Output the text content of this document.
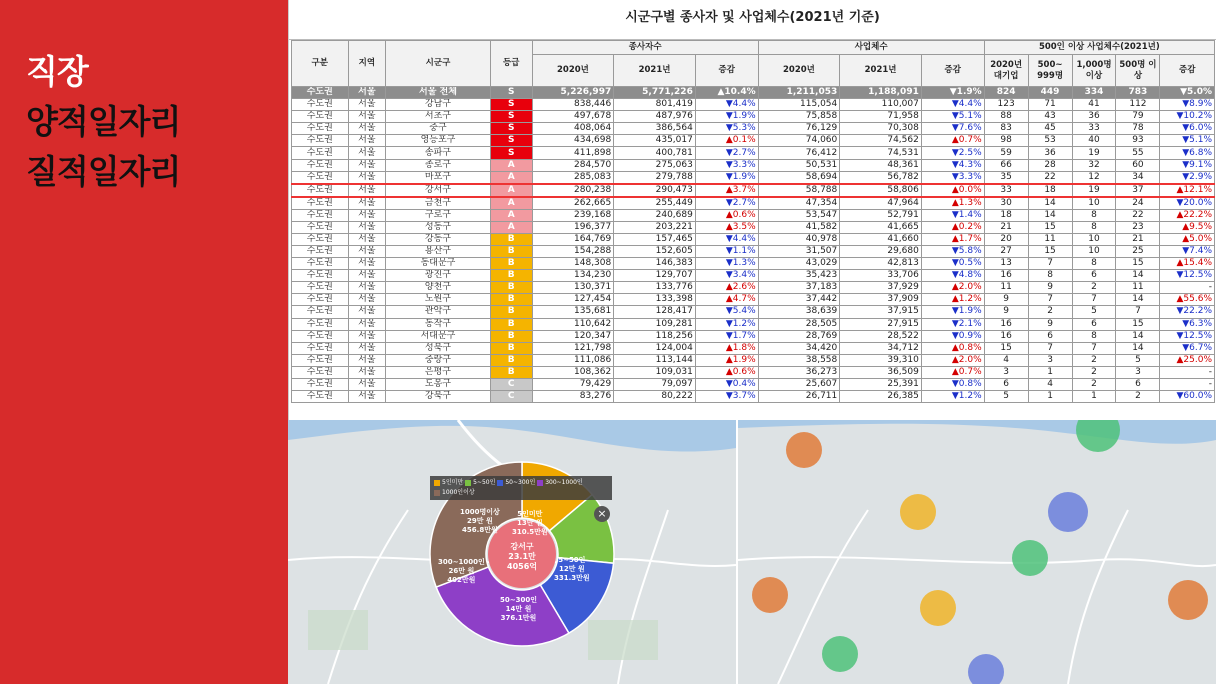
직장
양적일자리
질적일자리
시군구별 종사자 및 사업체수(2021년 기준)
구분	지역	시군구	등급	종사자수			사업체수			500인 이상 사업체수(2021년)				
				2020년	2021년	증감	2020년	2021년	증감	2020년 대기업	500~ 999명	1,000명 이상	500명 이상	증감
수도권	서울	서울 전체	S	5,226,997	5,771,226	▲10.4%	1,211,053	1,188,091	▼1.9%	824	449	334	783	▼5.0%
수도권	서울	강남구	S	838,446	801,419	▼4.4%	115,054	110,007	▼4.4%	123	71	41	112	▼8.9%
수도권	서울	서초구	S	497,678	487,976	▼1.9%	75,858	71,958	▼5.1%	88	43	36	79	▼10.2%
수도권	서울	중구	S	408,064	386,564	▼5.3%	76,129	70,308	▼7.6%	83	45	33	78	▼6.0%
수도권	서울	영등포구	S	434,698	435,017	▲0.1%	74,060	74,562	▲0.7%	98	53	40	93	▼5.1%
수도권	서울	송파구	S	411,898	400,781	▼2.7%	76,412	74,531	▼2.5%	59	36	19	55	▼6.8%
수도권	서울	종로구	A	284,570	275,063	▼3.3%	50,531	48,361	▼4.3%	66	28	32	60	▼9.1%
수도권	서울	마포구	A	285,083	279,788	▼1.9%	58,694	56,782	▼3.3%	35	22	12	34	▼2.9%
수도권	서울	강서구	A	280,238	290,473	▲3.7%	58,788	58,806	▲0.0%	33	18	19	37	▲12.1%
수도권	서울	금천구	A	262,665	255,449	▼2.7%	47,354	47,964	▲1.3%	30	14	10	24	▼20.0%
수도권	서울	구로구	A	239,168	240,689	▲0.6%	53,547	52,791	▼1.4%	18	14	8	22	▲22.2%
수도권	서울	성동구	A	196,377	203,221	▲3.5%	41,582	41,665	▲0.2%	21	15	8	23	▲9.5%
수도권	서울	강동구	B	164,769	157,465	▼4.4%	40,978	41,660	▲1.7%	20	11	10	21	▲5.0%
수도권	서울	용산구	B	154,288	152,605	▼1.1%	31,507	29,680	▼5.8%	27	15	10	25	▼7.4%
수도권	서울	동대문구	B	148,308	146,383	▼1.3%	43,029	42,813	▼0.5%	13	7	8	15	▲15.4%
수도권	서울	광진구	B	134,230	129,707	▼3.4%	35,423	33,706	▼4.8%	16	8	6	14	▼12.5%
수도권	서울	양천구	B	130,371	133,776	▲2.6%	37,183	37,929	▲2.0%	11	9	2	11	-
수도권	서울	노원구	B	127,454	133,398	▲4.7%	37,442	37,909	▲1.2%	9	7	7	14	▲55.6%
수도권	서울	관악구	B	135,681	128,417	▼5.4%	38,639	37,915	▼1.9%	9	2	5	7	▼22.2%
수도권	서울	동작구	B	110,642	109,281	▼1.2%	28,505	27,915	▼2.1%	16	9	6	15	▼6.3%
수도권	서울	서대문구	B	120,347	118,256	▼1.7%	28,769	28,522	▼0.9%	16	6	8	14	▼12.5%
수도권	서울	성북구	B	121,798	124,004	▲1.8%	34,420	34,712	▲0.8%	15	7	7	14	▼6.7%
수도권	서울	중랑구	B	111,086	113,144	▲1.9%	38,558	39,310	▲2.0%	4	3	2	5	▲25.0%
수도권	서울	은평구	B	108,362	109,031	▲0.6%	36,273	36,509	▲0.7%	3	1	2	3	-
수도권	서울	도봉구	C	79,429	79,097	▼0.4%	25,607	25,391	▼0.8%	6	4	2	6	-
수도권	서울	강북구	C	83,276	80,222	▼3.7%	26,711	26,385	▼1.2%	5	1	1	2	▼60.0%
5인미만 5~50인 50~300인 300~1000인
1000인이상
×
5인미만
13만 원
310.5만원
5~50인
12만 원
331.3만원
50~300인
14만 원
376.1만원
300~1000인
26만 원
402만원
1000명이상
29만 원
456.8만원
강서구
23.1만
4056억
